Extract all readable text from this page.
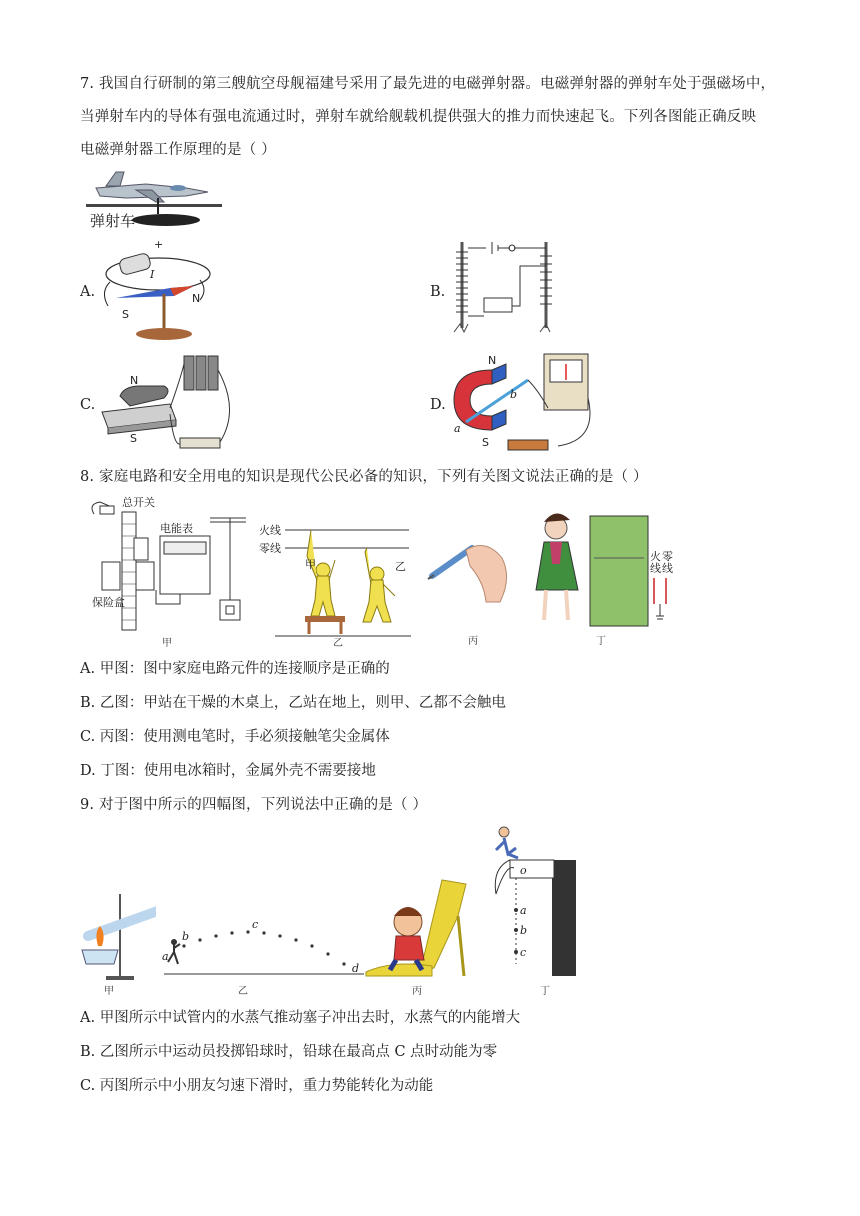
7. 我国自行研制的第三艘航空母舰福建号采用了最先进的电磁弹射器。电磁弹射器的弹射车处于强磁场中，
当弹射车内的导体有强电流通过时，弹射车就给舰载机提供强大的推力而快速起飞。下列各图能正确反映
电磁弹射器工作原理的是（ ）
弹射车
A.
+
I
N
S
B.
C.
N
S
D.
N
S
a
b
8. 家庭电路和安全用电的知识是现代公民必备的知识，下列有关图文说法正确的是（ ）
总开关
保险盒
电能表
甲
火线
零线
甲	乙
乙	丙
火 零
线 线
丁
A. 甲图：图中家庭电路元件的连接顺序是正确的
B. 乙图：甲站在干燥的木桌上，乙站在地上，则甲、乙都不会触电
C. 丙图：使用测电笔时，手必须接触笔尖金属体
D. 丁图：使用电冰箱时，金属外壳不需要接地
9. 对于图中所示的四幅图，下列说法中正确的是（ ）
甲
a
b
c
d
乙	丙
o
a
b
c
丁
A. 甲图所示中试管内的水蒸气推动塞子冲出去时，水蒸气的内能增大
B. 乙图所示中运动员投掷铅球时，铅球在最高点 C 点时动能为零
C. 丙图所示中小朋友匀速下滑时，重力势能转化为动能
